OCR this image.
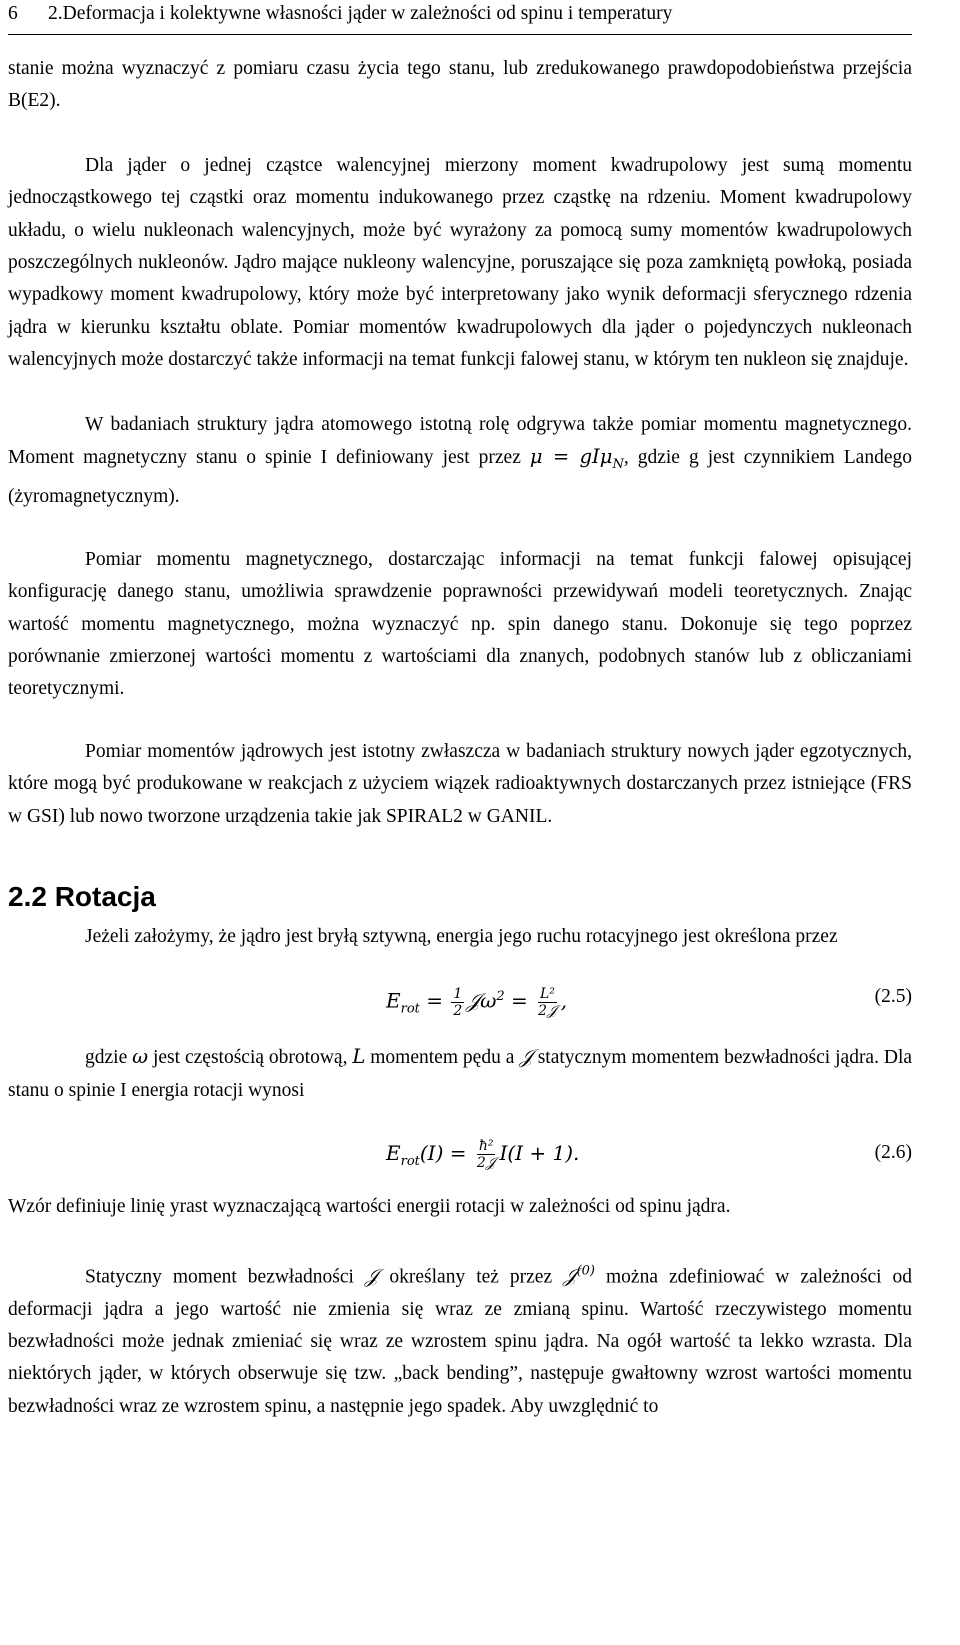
6 2.Deformacja i kolektywne własności jąder w zależności od spinu i temperatury

stanie można wyznaczyć z pomiaru czasu życia tego stanu, lub zredukowanego prawdopodobieństwa przejścia B(E2).

Dla jąder o jednej cząstce walencyjnej mierzony moment kwadrupolowy jest sumą momentu jednocząstkowego tej cząstki oraz momentu indukowanego przez cząstkę na rdzeniu. Moment kwadrupolowy układu, o wielu nukleonach walencyjnych, może być wyrażony za pomocą sumy momentów kwadrupolowych poszczególnych nukleonów. Jądro mające nukleony walencyjne, poruszające się poza zamkniętą powłoką, posiada wypadkowy moment kwadrupolowy, który może być interpretowany jako wynik deformacji sferycznego rdzenia jądra w kierunku kształtu oblate. Pomiar momentów kwadrupolowych dla jąder o pojedynczych nukleonach walencyjnych może dostarczyć także informacji na temat funkcji falowej stanu, w którym ten nukleon się znajduje.

W badaniach struktury jądra atomowego istotną rolę odgrywa także pomiar momentu magnetycznego. Moment magnetyczny stanu o spinie I definiowany jest przez μ = gIμ$_N$, gdzie g jest czynnikiem Landego (żyromagnetycznym).

Pomiar momentu magnetycznego, dostarczając informacji na temat funkcji falowej opisującej konfigurację danego stanu, umożliwia sprawdzenie poprawności przewidywań modeli teoretycznych. Znając wartość momentu magnetycznego, można wyznaczyć np. spin danego stanu. Dokonuje się tego poprzez porównanie zmierzonej wartości momentu z wartościami dla znanych, podobnych stanów lub z obliczaniami teoretycznymi.

Pomiar momentów jądrowych jest istotny zwłaszcza w badaniach struktury nowych jąder egzotycznych, które mogą być produkowane w reakcjach z użyciem wiązek radioaktywnych dostarczanych przez istniejące (FRS w GSI) lub nowo tworzone urządzenia takie jak SPIRAL2 w GANIL.

2.2 Rotacja

Jeżeli założymy, że jądro jest bryłą sztywną, energia jego ruchu rotacyjnego jest określona przez

$E_{rot} = \frac{1}{2}$ 𝒥ω$^2$ = $\frac{\text{L²}}{\text{2𝒥}}$ ,	(2.5)

gdzie ω jest częstością obrotową, L momentem pędu a 𝒥 statycznym momentem bezwładności jądra. Dla stanu o spinie I energia rotacji wynosi

$E_{rot}(I) = \frac{\text{ħ²}}{\text{2𝒥}} I(I + 1)$.	(2.6)

Wzór definiuje linię yrast wyznaczającą wartości energii rotacji w zależności od spinu jądra.

Statyczny moment bezwładności 𝒥 określany też przez 𝒥$^{(0)}$ można zdefiniować w zależności od deformacji jądra a jego wartość nie zmienia się wraz ze zmianą spinu. Wartość rzeczywistego momentu bezwładności może jednak zmieniać się wraz ze wzrostem spinu jądra. Na ogół wartość ta lekko wzrasta. Dla niektórych jąder, w których obserwuje się tzw. „back bending”, następuje gwałtowny wzrost wartości momentu bezwładności wraz ze wzrostem spinu, a następnie jego spadek. Aby uwzględnić to
